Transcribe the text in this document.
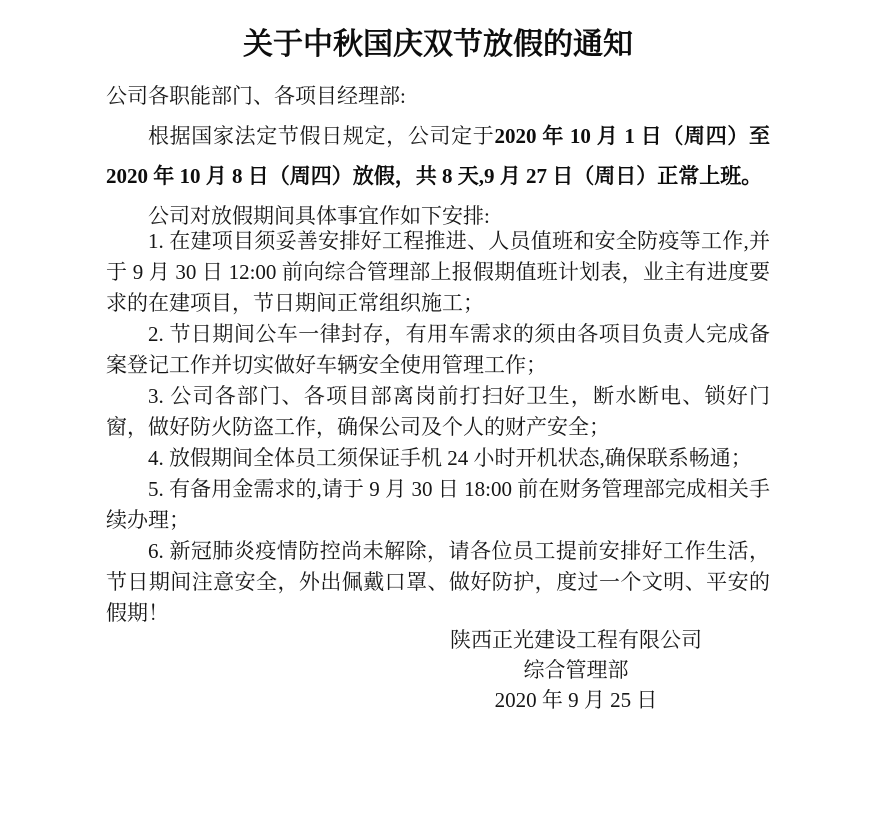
关于中秋国庆双节放假的通知

公司各职能部门、各项目经理部:

根据国家法定节假日规定，公司定于2020 年 10 月 1 日（周四）至 2020 年 10 月 8 日（周四）放假，共 8 天,9 月 27 日（周日）正常上班。

公司对放假期间具体事宜作如下安排:

1. 在建项目须妥善安排好工程推进、人员值班和安全防疫等工作,并于 9 月 30 日 12:00 前向综合管理部上报假期值班计划表，业主有进度要求的在建项目，节日期间正常组织施工；

2. 节日期间公车一律封存，有用车需求的须由各项目负责人完成备案登记工作并切实做好车辆安全使用管理工作；

3. 公司各部门、各项目部离岗前打扫好卫生，断水断电、锁好门窗，做好防火防盗工作，确保公司及个人的财产安全；

4. 放假期间全体员工须保证手机 24 小时开机状态,确保联系畅通；

5. 有备用金需求的,请于 9 月 30 日 18:00 前在财务管理部完成相关手续办理；

6. 新冠肺炎疫情防控尚未解除，请各位员工提前安排好工作生活，节日期间注意安全，外出佩戴口罩、做好防护，度过一个文明、平安的假期！

陕西正光建设工程有限公司
综合管理部
2020 年 9 月 25 日
